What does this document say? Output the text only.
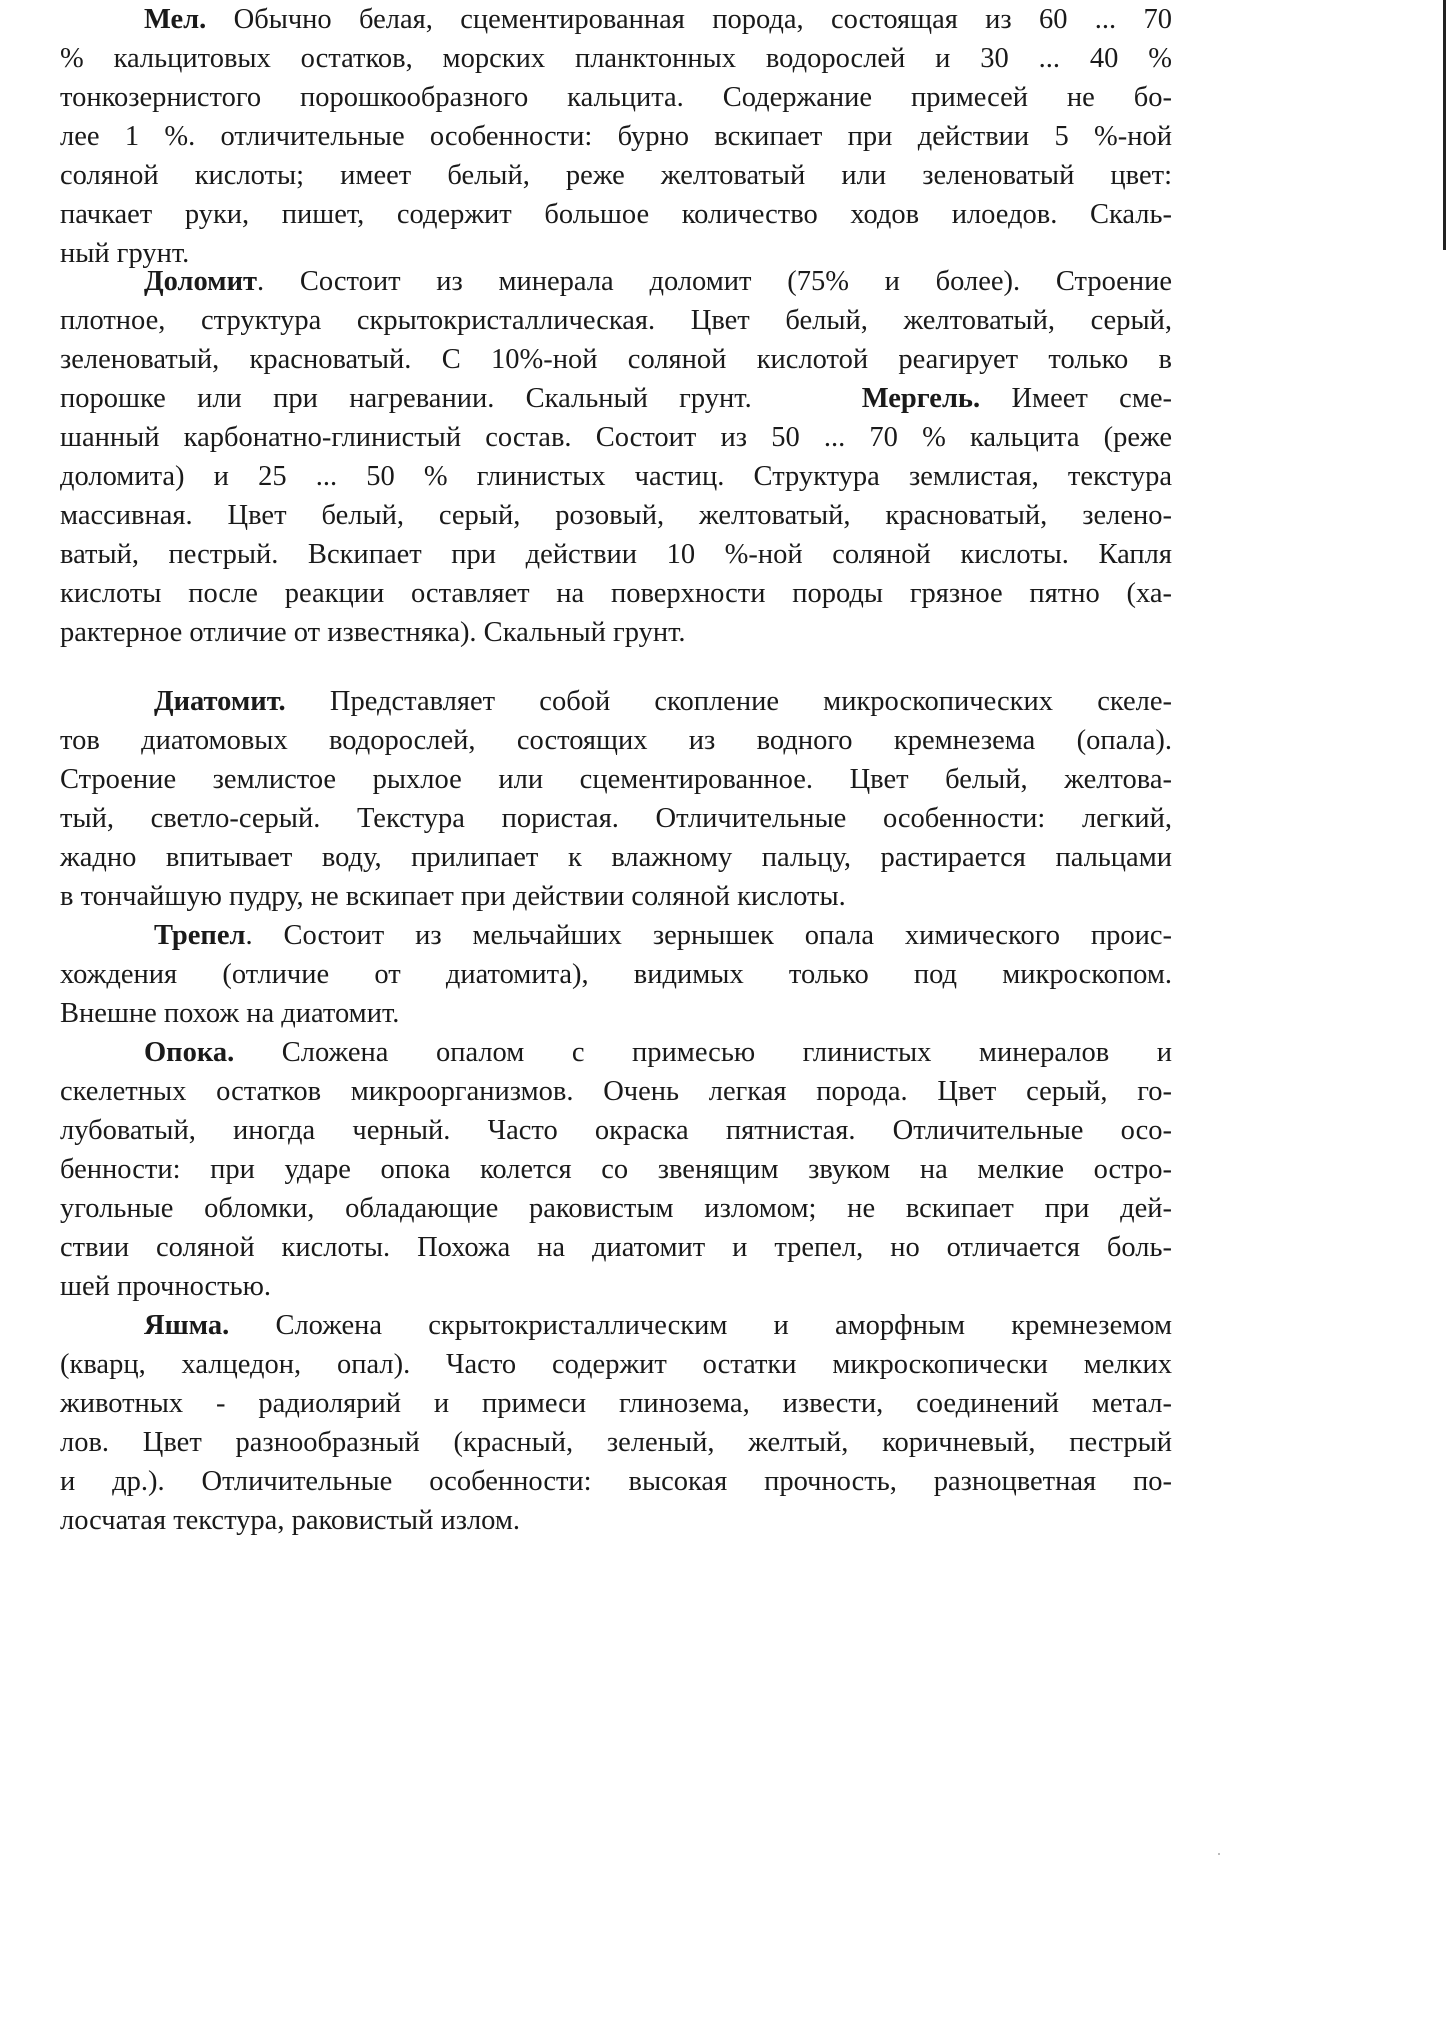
Мел. Обычно белая, сцементированная порода, состоящая из 60 ... 70
% кальцитовых остатков, морских планктонных водорослей и 30 ... 40 %
тонкозернистого порошкообразного кальцита. Содержание примесей не бо-
лее 1 %. отличительные особенности: бурно вскипает при действии 5 %-ной
соляной кислоты; имеет белый, реже желтоватый или зеленоватый цвет:
пачкает руки, пишет, содержит большое количество ходов илоедов. Скаль-
ный грунт.
Доломит. Состоит из минерала доломит (75% и более). Строение
плотное, структура скрытокристаллическая. Цвет белый, желтоватый, серый,
зеленоватый, красноватый. С 10%-ной соляной кислотой реагирует только в
порошке или при нагревании. Скальный грунт.	Мергель. Имеет сме-
шанный карбонатно-глинистый состав. Состоит из 50 ... 70 % кальцита (реже
доломита) и 25 ... 50 % глинистых частиц. Структура землистая, текстура
массивная. Цвет белый, серый, розовый, желтоватый, красноватый, зелено-
ватый, пестрый. Вскипает при действии 10 %-ной соляной кислоты. Капля
кислоты после реакции оставляет на поверхности породы грязное пятно (ха-
рактерное отличие от известняка). Скальный грунт.
Диатомит. Представляет собой скопление микроскопических скеле-
тов диатомовых водорослей, состоящих из водного кремнезема (опала).
Строение землистое рыхлое или сцементированное. Цвет белый, желтова-
тый, светло-серый. Текстура пористая. Отличительные особенности: легкий,
жадно впитывает воду, прилипает к влажному пальцу, растирается пальцами
в тончайшую пудру, не вскипает при действии соляной кислоты.
Трепел. Состоит из мельчайших зернышек опала химического проис-
хождения (отличие от диатомита), видимых только под микроскопом.
Внешне похож на диатомит.
Опока. Сложена опалом с примесью глинистых минералов и
скелетных остатков микроорганизмов. Очень легкая порода. Цвет серый, го-
лубоватый, иногда черный. Часто окраска пятнистая. Отличительные осо-
бенности: при ударе опока колется со звенящим звуком на мелкие остро-
угольные обломки, обладающие раковистым изломом; не вскипает при дей-
ствии соляной кислоты. Похожа на диатомит и трепел, но отличается боль-
шей прочностью.
Яшма. Сложена скрытокристаллическим и аморфным кремнеземом
(кварц, халцедон, опал). Часто содержит остатки микроскопически мелких
животных - радиолярий и примеси глинозема, извести, соединений метал-
лов. Цвет разнообразный (красный, зеленый, желтый, коричневый, пестрый
и др.). Отличительные особенности: высокая прочность, разноцветная по-
лосчатая текстура, раковистый излом.
